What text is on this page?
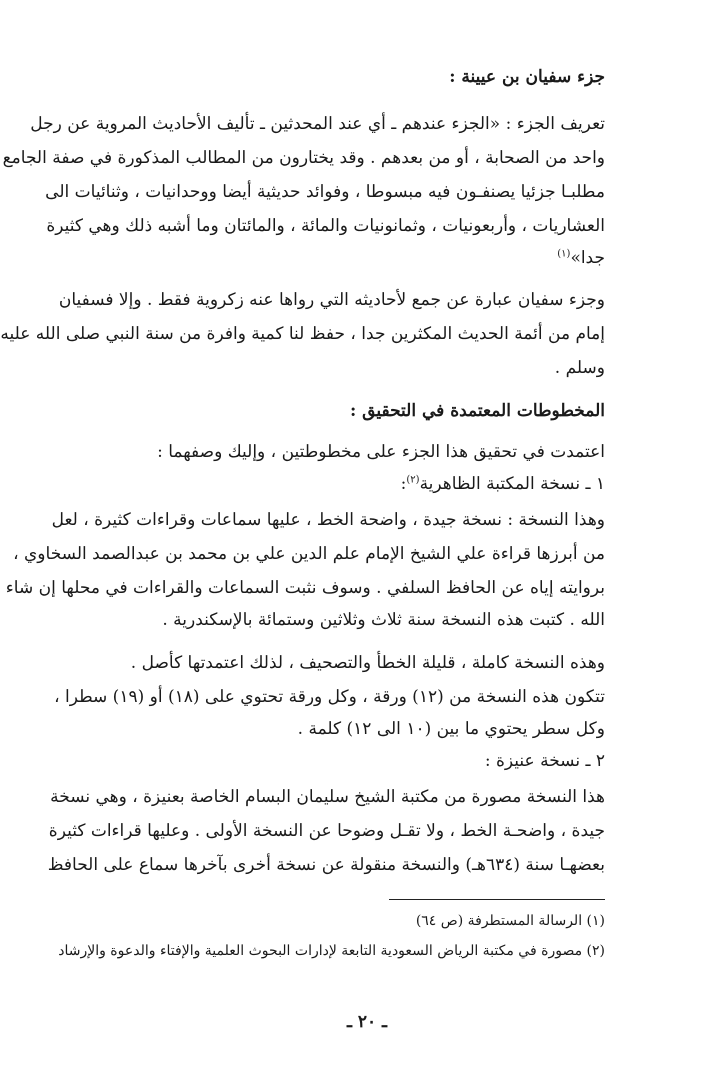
جزء سفيان بن عيينة :
تعريف الجزء : «الجزء عندهم ـ أي عند المحدثين ـ تأليف الأحاديث المروية عن رجل
واحد من الصحابة ، أو من بعدهم . وقد يختارون من المطالب المذكورة في صفة الجامع
مطلبـا جزئيا يصنفـون فيه مبسوطا ، وفوائد حديثية أيضا ووحدانيات ، وثنائيات الى
العشاريات ، وأربعونيات ، وثمانونيات والمائة ، والمائتان وما أشبه ذلك وهي كثيرة
جدا»$^{(١)}$
وجزء سفيان عبارة عن جمع لأحاديثه التي رواها عنه زكروية فقط . وإلا فسفيان
إمام من أئمة الحديث المكثرين جدا ، حفظ لنا كمية وافرة من سنة النبي صلى الله عليه
وسلم .
المخطوطات المعتمدة في التحقيق :
اعتمدت في تحقيق هذا الجزء على مخطوطتين ، وإليك وصفهما :
١ ـ نسخة المكتبة الظاهرية$^{(٢)}$:
وهذا النسخة : نسخة جيدة ، واضحة الخط ، عليها سماعات وقراءات كثيرة ، لعل
من أبرزها قراءة علي الشيخ الإمام علم الدين علي بن محمد بن عبدالصمد السخاوي ،
بروايته إياه عن الحافظ السلفي . وسوف نثبت السماعات والقراءات في محلها إن شاء
الله . كتبت هذه النسخة سنة ثلاث وثلاثين وستمائة بالإسكندرية .
وهذه النسخة كاملة ، قليلة الخطأ والتصحيف ، لذلك اعتمدتها كأصل .
تتكون هذه النسخة من (١٢) ورقة ، وكل ورقة تحتوي على (١٨) أو (١٩) سطرا ،
وكل سطر يحتوي ما بين (١٠ الى ١٢) كلمة .
٢ ـ نسخة عنيزة :
هذا النسخة مصورة من مكتبة الشيخ سليمان البسام الخاصة بعنيزة ، وهي نسخة
جيدة ، واضحـة الخط ، ولا تقـل وضوحا عن النسخة الأولى . وعليها قراءات كثيرة
بعضهـا سنة (٦٣٤هـ) والنسخة منقولة عن نسخة أخرى بآخرها سماع على الحافظ
(١) الرسالة المستطرفة (ص ٦٤)
(٢) مصورة في مكتبة الرياض السعودية التابعة لإدارات البحوث العلمية والإفتاء والدعوة والإرشاد
ـ ٢٠ ـ
